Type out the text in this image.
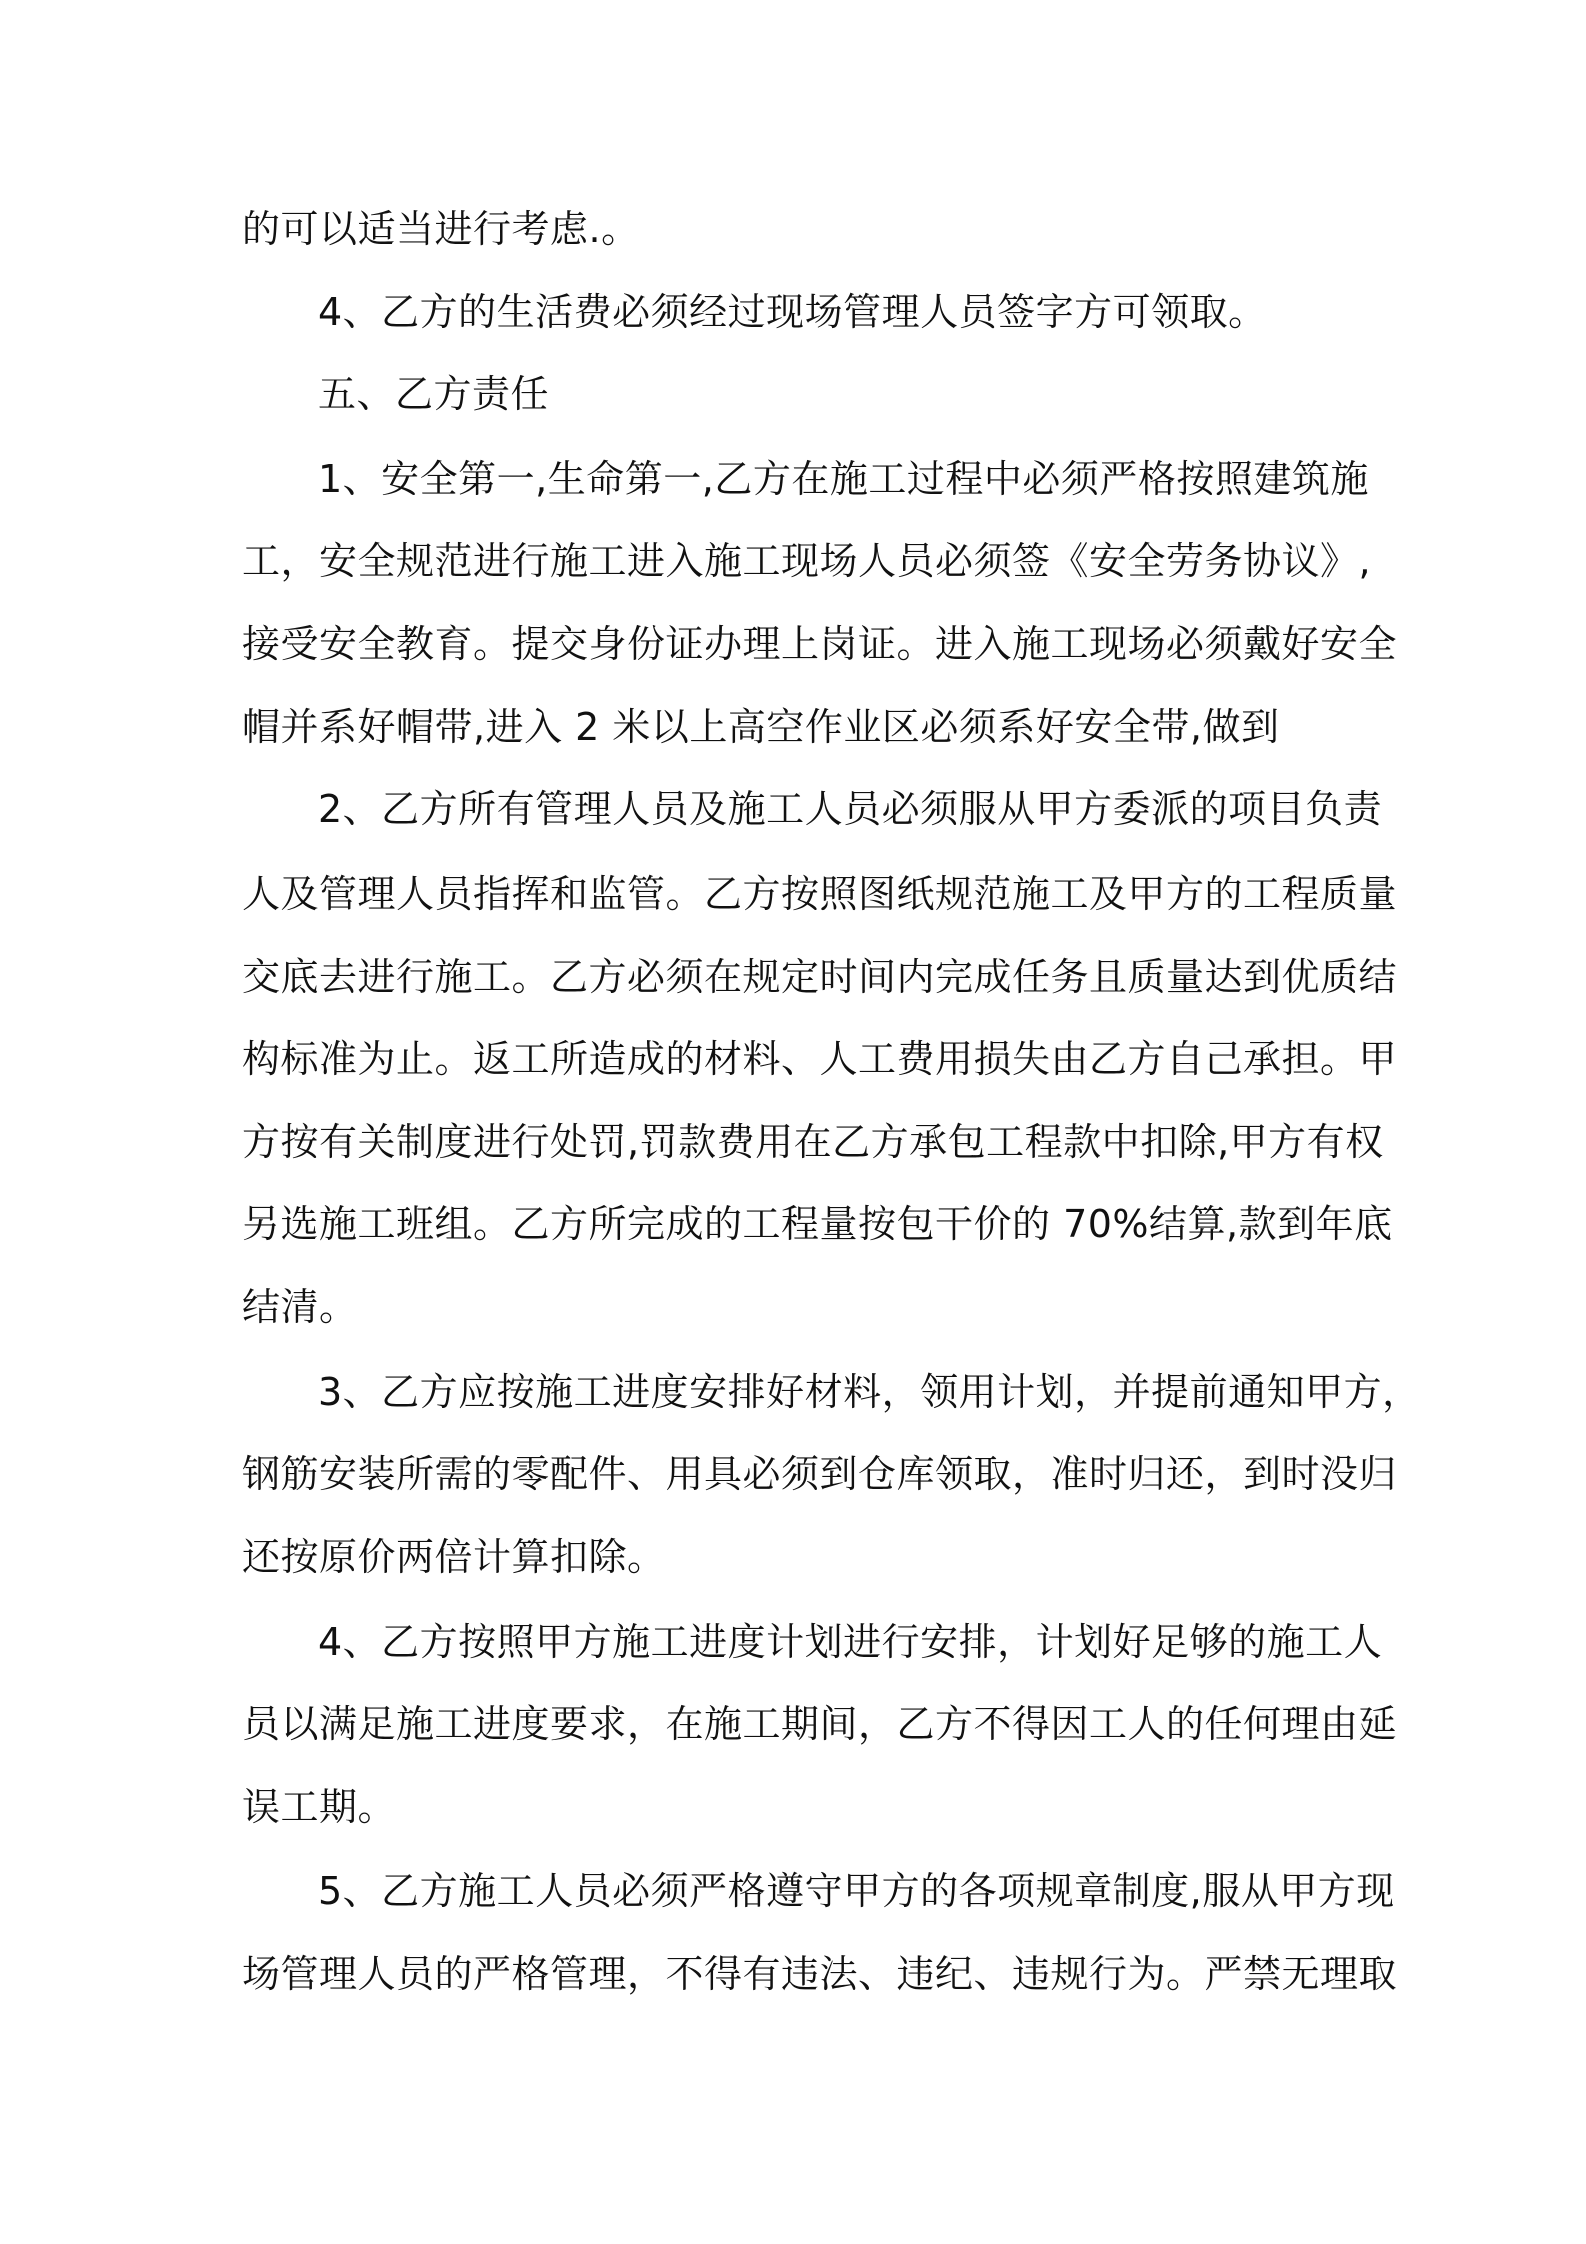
的可以适当进行考虑.。
4、乙方的生活费必须经过现场管理人员签字方可领取。
五、乙方责任
1、安全第一,生命第一,乙方在施工过程中必须严格按照建筑施
工，安全规范进行施工进入施工现场人员必须签《安全劳务协议》,
接受安全教育。提交身份证办理上岗证。进入施工现场必须戴好安全
帽并系好帽带,进入 2 米以上高空作业区必须系好安全带,做到
2、乙方所有管理人员及施工人员必须服从甲方委派的项目负责
人及管理人员指挥和监管。乙方按照图纸规范施工及甲方的工程质量
交底去进行施工。乙方必须在规定时间内完成任务且质量达到优质结
构标准为止。返工所造成的材料、人工费用损失由乙方自己承担。甲
方按有关制度进行处罚,罚款费用在乙方承包工程款中扣除,甲方有权
另选施工班组。乙方所完成的工程量按包干价的 70%结算,款到年底
结清。
3、乙方应按施工进度安排好材料，领用计划，并提前通知甲方，
钢筋安装所需的零配件、用具必须到仓库领取，准时归还，到时没归
还按原价两倍计算扣除。
4、乙方按照甲方施工进度计划进行安排，计划好足够的施工人
员以满足施工进度要求，在施工期间，乙方不得因工人的任何理由延
误工期。
5、乙方施工人员必须严格遵守甲方的各项规章制度,服从甲方现
场管理人员的严格管理，不得有违法、违纪、违规行为。严禁无理取
